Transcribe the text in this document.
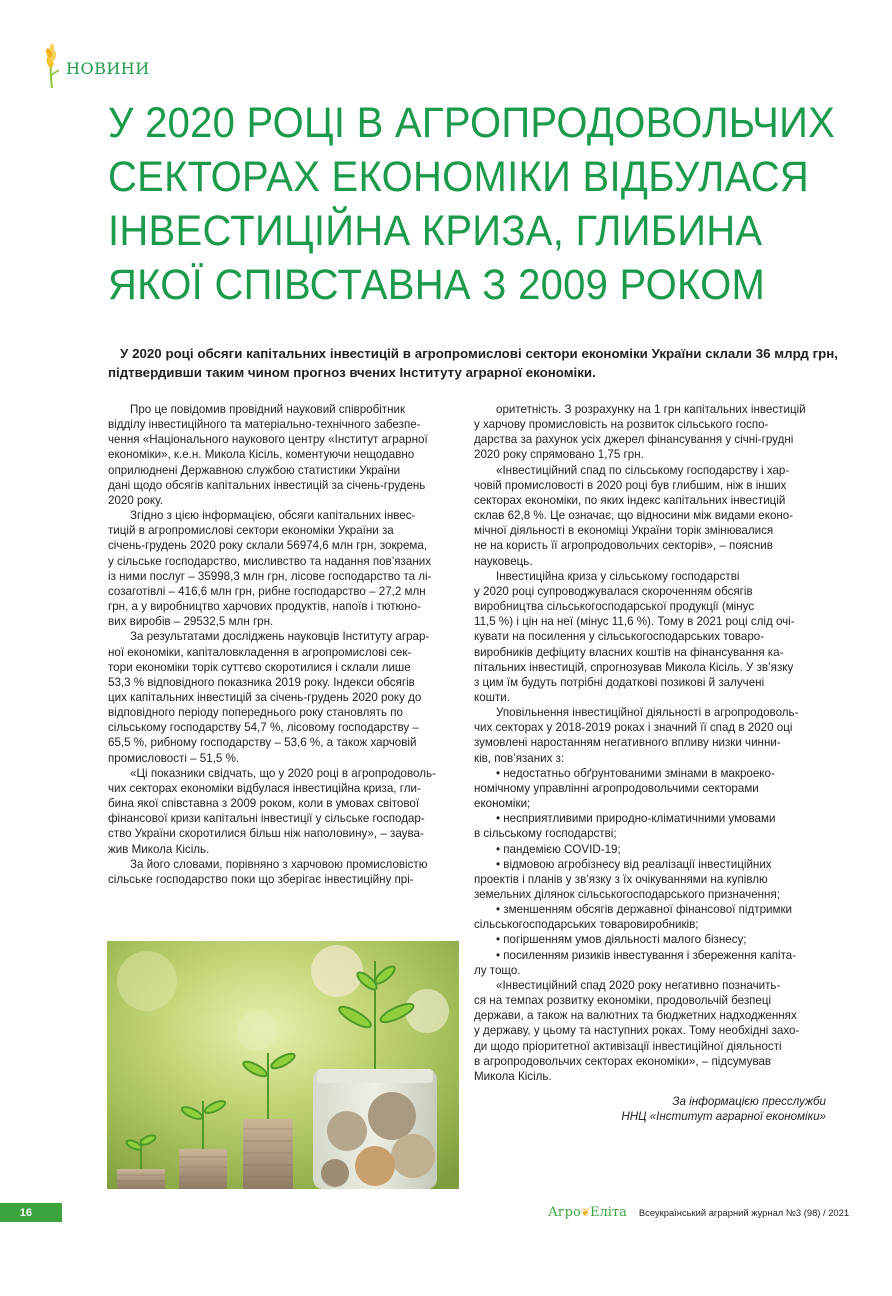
НОВИНИ
У 2020 РОЦІ В АГРОПРОДОВОЛЬЧИХ
СЕКТОРАХ ЕКОНОМІКИ ВІДБУЛАСЯ
ІНВЕСТИЦІЙНА КРИЗА, ГЛИБИНА
ЯКОЇ СПІВСТАВНА З 2009 РОКОМ

У 2020 році обсяги капітальних інвестицій в агропромислові сектори економіки України склали 36 млрд грн, підтвердивши таким чином прогноз вчених Інституту аграрної економіки.

Про це повідомив провідний науковий співробітник
відділу інвестиційного та матеріально-технічного забезпе-
чення «Національного наукового центру «Інститут аграрної
економіки», к.е.н. Микола Кісіль, коментуючи нещодавно
оприлюднені Державною службою статистики України
дані щодо обсягів капітальних інвестицій за січень-грудень
2020 року.

Згідно з цією інформацією, обсяги капітальних інвес-
тицій в агропромислові сектори економіки України за
січень-грудень 2020 року склали 56974,6 млн грн, зокрема,
у сільське господарство, мисливство та надання пов’язаних
із ними послуг – 35998,3 млн грн, лісове господарство та лі-
созаготівлі – 416,6 млн грн, рибне господарство – 27,2 млн
грн, а у виробництво харчових продуктів, напоїв і тютюно-
вих виробів – 29532,5 млн грн.

За результатами досліджень науковців Інституту аграр-
ної економіки, капіталовкладення в агропромислові сек-
тори економіки торік суттєво скоротилися і склали лише
53,3 % відповідного показника 2019 року. Індекси обсягів
цих капітальних інвестицій за січень-грудень 2020 року до
відповідного періоду попереднього року становлять по
сільському господарству 54,7 %, лісовому господарству –
65,5 %, рибному господарству – 53,6 %, а також харчовій
промисловості – 51,5 %.

«Ці показники свідчать, що у 2020 році в агропродоволь-
чих секторах економіки відбулася інвестиційна криза, гли-
бина якої співставна з 2009 роком, коли в умовах світової
фінансової кризи капітальні інвестиції у сільське господар-
ство України скоротилися більш ніж наполовину», – заува-
жив Микола Кісіль.

За його словами, порівняно з харчовою промисловістю
сільське господарство поки що зберігає інвестиційну прі-

оритетність. З розрахунку на 1 грн капітальних інвестицій
у харчову промисловість на розвиток сільського госпо-
дарства за рахунок усіх джерел фінансування у січні-грудні
2020 року спрямовано 1,75 грн.

«Інвестиційний спад по сільському господарству і хар-
човій промисловості в 2020 році був глибшим, ніж в інших
секторах економіки, по яких індекс капітальних інвестицій
склав 62,8 %. Це означає, що відносини між видами еконо-
мічної діяльності в економіці України торік змінювалися
не на користь її агропродовольчих секторів», – пояснив
науковець.

Інвестиційна криза у сільському господарстві
у 2020 році супроводжувалася скороченням обсягів
виробництва сільськогосподарської продукції (мінус
11,5 %) і цін на неї (мінус 11,6 %). Тому в 2021 році слід очі-
кувати на посилення у сільськогосподарських товаро-
виробників дефіциту власних коштів на фінансування ка-
пітальних інвестицій, спрогнозував Микола Кісіль. У зв’язку
з цим їм будуть потрібні додаткові позикові й залучені
кошти.

Уповільнення інвестиційної діяльності в агропродоволь-
чих секторах у 2018-2019 роках і значний її спад в 2020 оці
зумовлені наростанням негативного впливу низки чинни-
ків, пов’язаних з:

• недостатньо обґрунтованими змінами в макроеко-
номічному управлінні агропродовольчими секторами
економіки;

• несприятливими природно-кліматичними умовами
в сільському господарстві;

• пандемією COVID-19;

• відмовою агробізнесу від реалізації інвестиційних
проектів і планів у зв’язку з їх очікуваннями на купівлю
земельних ділянок сільськогосподарського призначення;

• зменшенням обсягів державної фінансової підтримки
сільськогосподарських товаровиробників;

• погіршенням умов діяльності малого бізнесу;

• посиленням ризиків інвестування і збереження капіта-
лу тощо.

«Інвестиційний спад 2020 року негативно позначить-
ся на темпах розвитку економіки, продовольчій безпеці
держави, а також на валютних та бюджетних надходженнях
у державу, у цьому та наступних роках. Тому необхідні захо-
ди щодо пріоритетної активізації інвестиційної діяльності
в агропродовольчих секторах економіки», – підсумував
Микола Кісіль.

За інформацією пресслужби
ННЦ «Інститут аграрної економіки»

16	Агро❦Еліта Всеукраїнський аграрний журнал №3 (98) / 2021
